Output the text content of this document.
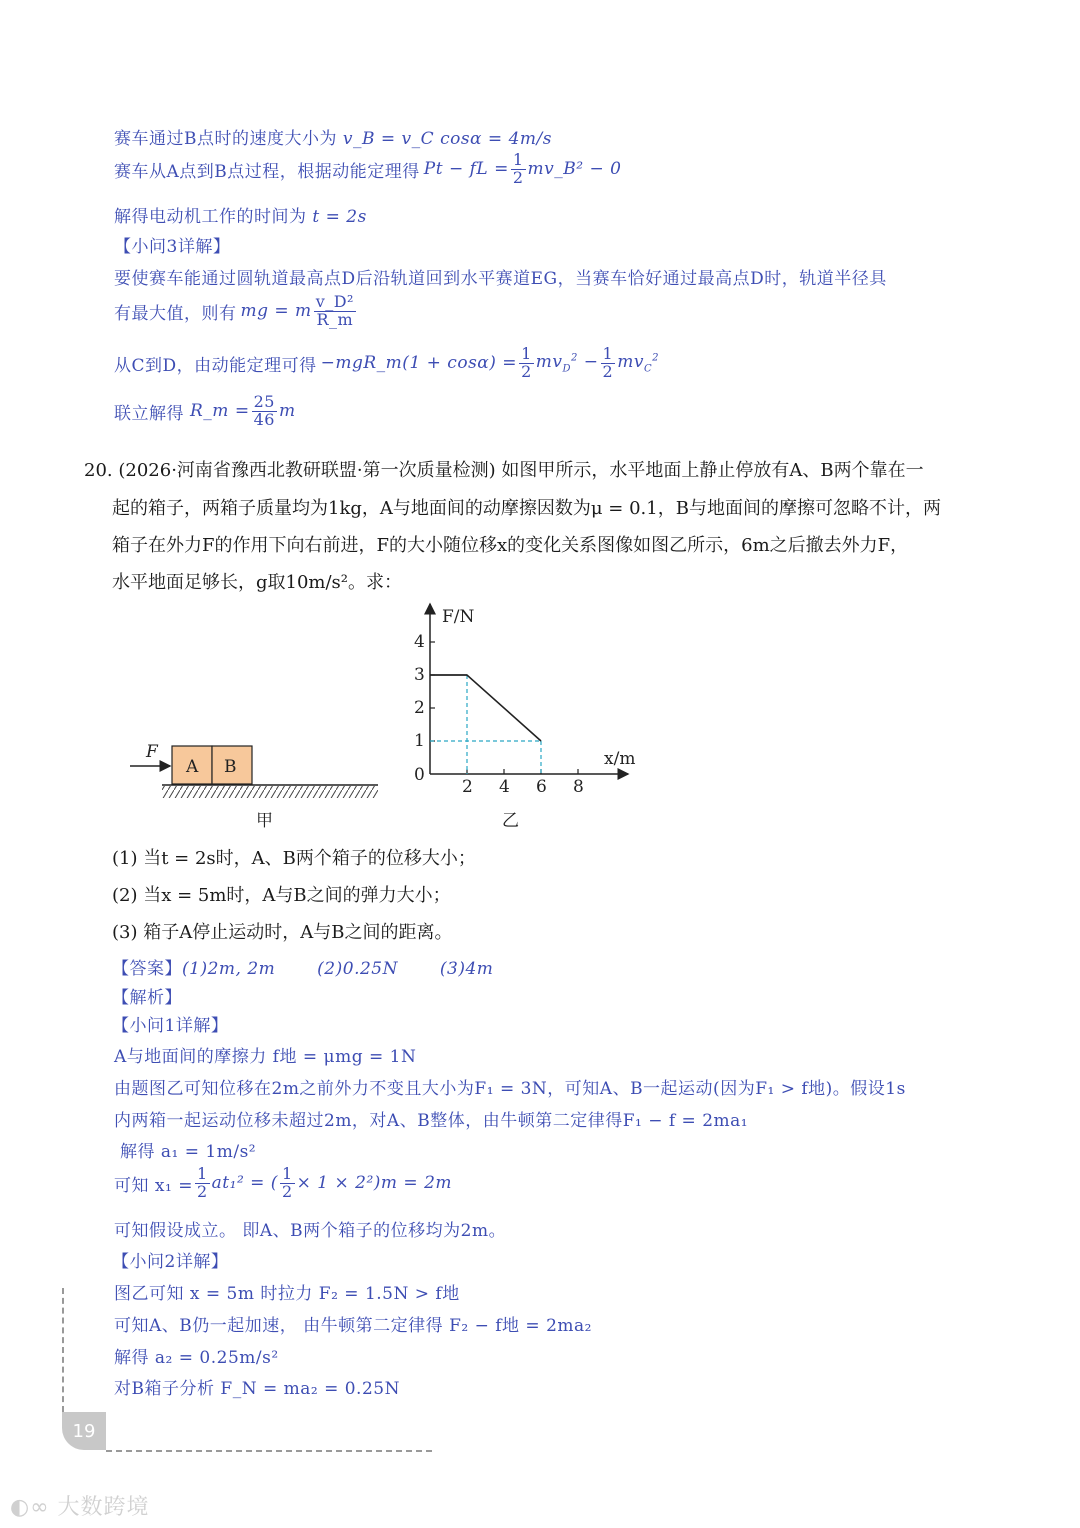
赛车通过B点时的速度大小为 v_B = v_C cosα = 4m/s
赛车从A点到B点过程，根据动能定理得 Pt − fL = $\frac{1}{2}$ mv_B² − 0
解得电动机工作的时间为 t = 2s
【小问3详解】
要使赛车能通过圆轨道最高点D后沿轨道回到水平赛道EG，当赛车恰好通过最高点D时，轨道半径具
有最大值，则有 mg = m $\frac{\text{v\_D²}}{R\_m}$
从C到D，由动能定理可得 −mgR_m(1 + $\cos\alpha) = \frac{1}{2} mv_D^2 - \frac{1}{2} mv_C^2$
联立解得 R_m = $\frac{25}{46}$ m
20. (2026·河南省豫西北教研联盟·第一次质量检测) 如图甲所示，水平地面上静止停放有A、B两个靠在一
起的箱子，两箱子质量均为1kg，A与地面间的动摩擦因数为μ = 0.1，B与地面间的摩擦可忽略不计，两
箱子在外力F的作用下向右前进，F的大小随位移x的变化关系图像如图乙所示，6m之后撤去外力F，
水平地面足够长，g取10m/s²。求：
F
A B
甲
F/N
x/m
0
2 4 6 8
1
2
3
4
乙
(1) 当t = 2s时，A、B两个箱子的位移大小；
(2) 当x = 5m时，A与B之间的弹力大小；
(3) 箱子A停止运动时，A与B之间的距离。
【答案】(1)2m, 2m (2)0.25N (3)4m
【解析】
【小问1详解】
A与地面间的摩擦力 f地 = μmg = 1N
由题图乙可知位移在2m之前外力不变且大小为F₁ = 3N，可知A、B一起运动(因为F₁ > f地)。假设1s
内两箱一起运动位移未超过2m，对A、B整体，由牛顿第二定律得F₁ − f = 2ma₁
解得 a₁ = 1m/s²
可知 $x_1 = \frac{1}{2} at_1^2$ = ( $\frac{1}{2} \times 1 \times 2^2)m = 2m$
可知假设成立。 即A、B两个箱子的位移均为2m。
【小问2详解】
图乙可知 x = 5m 时拉力 F₂ = 1.5N > f地
可知A、B仍一起加速， 由牛顿第二定律得 F₂ − f地 = 2ma₂
解得 a₂ = 0.25m/s²
对B箱子分析 F_N = ma₂ = 0.25N
19
◐∞ 大数跨境
